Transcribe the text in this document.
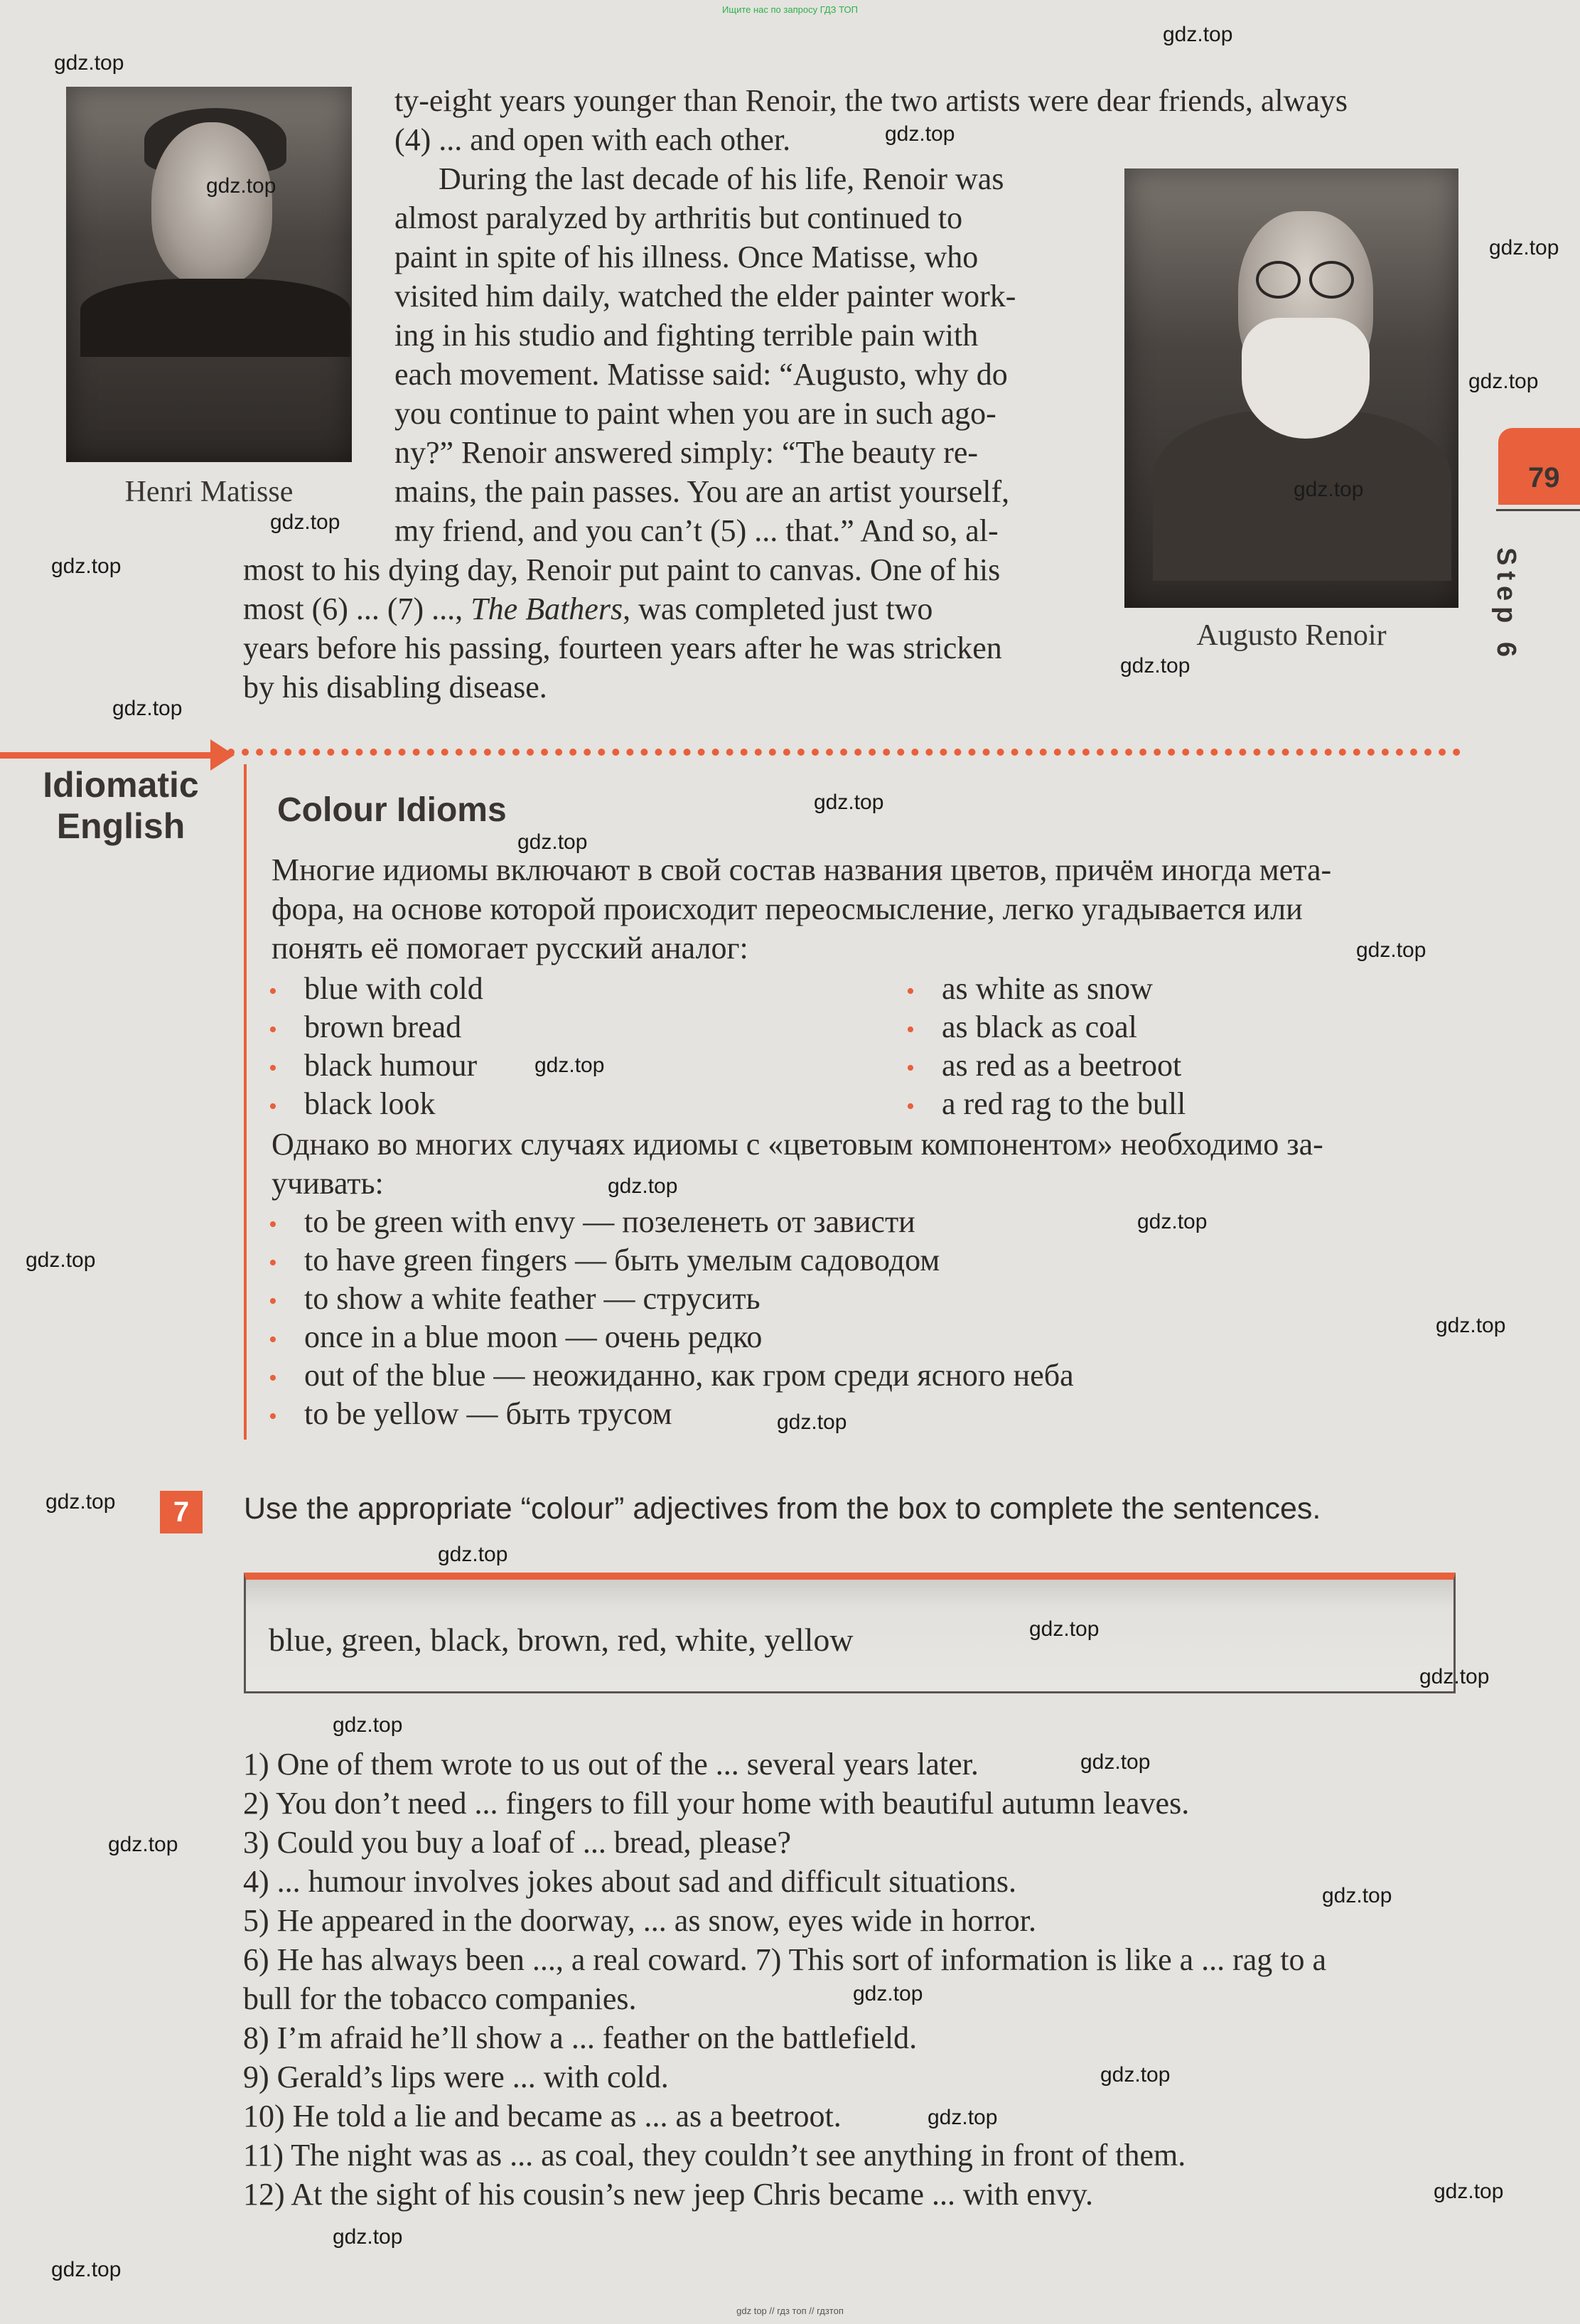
Ищите нас по запросу ГДЗ ТОП
gdz top // гдз топ // гдзтоп
Henri Matisse
Augusto Renoir
79
Step 6
ty-eight years younger than Renoir, the two artists were dear friends, always
(4) ... and open with each other.
During the last decade of his life, Renoir was
almost paralyzed by arthritis but continued to
paint in spite of his illness. Once Matisse, who
visited him daily, watched the elder painter work-
ing in his studio and fighting terrible pain with
each movement. Matisse said: “Augusto, why do
you continue to paint when you are in such ago-
ny?” Renoir answered simply: “The beauty re-
mains, the pain passes. You are an artist yourself,
my friend, and you can’t (5) ... that.” And so, al-
most to his dying day, Renoir put paint to canvas. One of his
most (6) ... (7) ..., The Bathers, was completed just two
years before his passing, fourteen years after he was stricken
by his disabling disease.
Idiomatic
English	Colour Idioms
Многие идиомы включают в свой состав названия цветов, причём иногда мета-
фора, на основе которой происходит переосмысление, легко угадывается или
понять её помогает русский аналог:
• blue with cold
• brown bread
• black humour
• black look
• as white as snow
• as black as coal
• as red as a beetroot
• a red rag to the bull
Однако во многих случаях идиомы с «цветовым компонентом» необходимо за-
учивать:
• to be green with envy — позеленеть от зависти
• to have green fingers — быть умелым садоводом
• to show a white feather — струсить
• once in a blue moon — очень редко
• out of the blue — неожиданно, как гром среди ясного неба
• to be yellow — быть трусом
7	Use the appropriate “colour” adjectives from the box to complete the sentences.
blue, green, black, brown, red, white, yellow
1) One of them wrote to us out of the ... several years later.
2) You don’t need ... fingers to fill your home with beautiful autumn leaves.
3) Could you buy a loaf of ... bread, please?
4) ... humour involves jokes about sad and difficult situations.
5) He appeared in the doorway, ... as snow, eyes wide in horror.
6) He has always been ..., a real coward. 7) This sort of information is like a ... rag to a
bull for the tobacco companies.
8) I’m afraid he’ll show a ... feather on the battlefield.
9) Gerald’s lips were ... with cold.
10) He told a lie and became as ... as a beetroot.
11) The night was as ... as coal, they couldn’t see anything in front of them.
12) At the sight of his cousin’s new jeep Chris became ... with envy.
gdz.top
gdz.top
gdz.top
gdz.top
gdz.top
gdz.top
gdz.top
gdz.top
gdz.top
gdz.top
gdz.top
gdz.top
gdz.top
gdz.top
gdz.top
gdz.top
gdz.top
gdz.top
gdz.top
gdz.top
gdz.top
gdz.top
gdz.top
gdz.top
gdz.top
gdz.top
gdz.top
gdz.top
gdz.top
gdz.top
gdz.top
gdz.top
gdz.top
gdz.top
